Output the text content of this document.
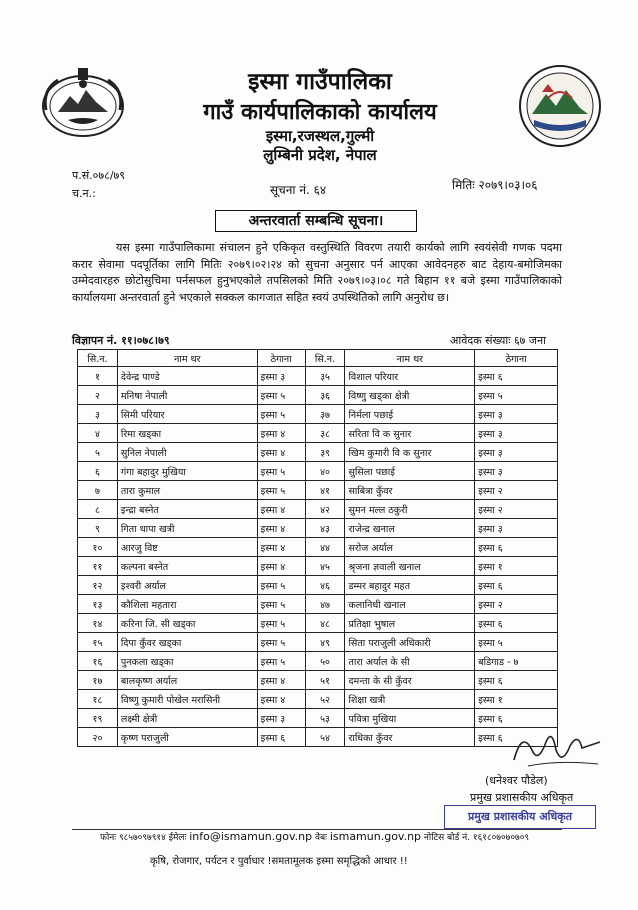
इस्मा गाउँपालिका
गाउँ कार्यपालिकाको कार्यालय
इस्मा,रजस्थल,गुल्मी
लुम्बिनी प्रदेश, नेपाल
प.सं.०७८/७९
च.न.:	सूचना नं. ६४	मितिः २०७९।०३।०६
अन्तरवार्ता सम्बन्धि सूचना।
यस इस्मा गाउँपालिकामा संचालन हुने एकिकृत वस्तुस्थिति विवरण तयारी कार्यको लागि स्वयंसेवी गणक पदमा करार सेवामा पदपूर्तिका लागि मितिः २०७९।०२।२४ को सुचना अनुसार पर्न आएका आवेदनहरु बाट देहाय-बमोजिमका उम्मेदवारहरु छोटोसुचिमा पर्नसफल हुनुभएकोले तपसिलको मिति २०७९।०३।०८ गते बिहान ११ बजे इस्मा गाउँपालिकाको कार्यालयमा अन्तरवार्ता हुने भएकाले सक्कल कागजात सहित स्वयं उपस्थितिको लागि अनुरोध छ।
विज्ञापन नं. ११।०७८।७९	आवेदक संख्याः ६७ जना
सि.न.	नाम थर	ठेगाना	सि.न.	नाम थर	ठेगाना
१	देवेन्द्र पाण्डे	इस्मा ३	३५	विशाल परियार	इस्मा ६
२	मनिषा नेपाली	इस्मा ५	३६	विष्णु खड्का क्षेत्री	इस्मा ५
३	सिमी परियार	इस्मा ५	३७	निर्मला पछाई	इस्मा ३
४	रिमा खड्का	इस्मा ४	३८	सरिता वि क सुनार	इस्मा ३
५	सुनिल नेपाली	इस्मा ४	३९	खिम कुमारी वि क सुनार	इस्मा ३
६	गंगा बहादुर मुखिया	इस्मा ५	४०	सुसिला पछाई	इस्मा ३
७	तारा कुमाल	इस्मा ५	४१	साबित्रा कुँवर	इस्मा २
८	इन्द्रा बस्नेत	इस्मा ४	४२	सुमन मल्ल ठकुरी	इस्मा २
९	गिता थापा खत्री	इस्मा ४	४३	राजेन्द्र खनाल	इस्मा ३
१०	आरजु विष्ट	इस्मा ४	४४	सरोज अर्याल	इस्मा ६
११	कल्पना बस्नेत	इस्मा ४	४५	श्रृजना ज्ञवाली खनाल	इस्मा १
१२	इश्वरी अर्याल	इस्मा ५	४६	डम्मर बहादुर महत	इस्मा ६
१३	कौशिला महतारा	इस्मा ५	४७	कलानिधी खनाल	इस्मा २
१४	करिना जि. सी खड्का	इस्मा ५	४८	प्रतिक्षा भुषाल	इस्मा ६
१५	दिपा कुँवर खड्का	इस्मा ५	४९	सिता पराजुली अधिकारी	इस्मा ५
१६	पुनकला खड्का	इस्मा ५	५०	तारा अर्याल के सी	बडिगाड - ७
१७	बालकृष्ण अर्याल	इस्मा ४	५१	दमन्ता के सी कुँवर	इस्मा ६
१८	विष्णु कुमारी पोखेल मरासिनी	इस्मा ४	५२	शिक्षा खत्री	इस्मा १
१९	लक्ष्मी क्षेत्री	इस्मा ३	५३	पवित्रा मुखिया	इस्मा ६
२०	कृष्ण पराजुली	इस्मा ६	५४	राधिका कुँवर	इस्मा ६
(धनेश्वर पौडेल)
प्रमुख प्रशासकीय अधिकृत
प्रमुख प्रशासकीय अधिकृत
फोनः ९८५७०९७९१४ ईमेलः info@ismamun.gov.np वेबः ismamun.gov.np नोटिस बोर्ड नं. १६१८०७०७०७०९
कृषि, रोजगार, पर्यटन र पुर्वाधार !समतामूलक इस्मा समृद्धिको आधार !!
